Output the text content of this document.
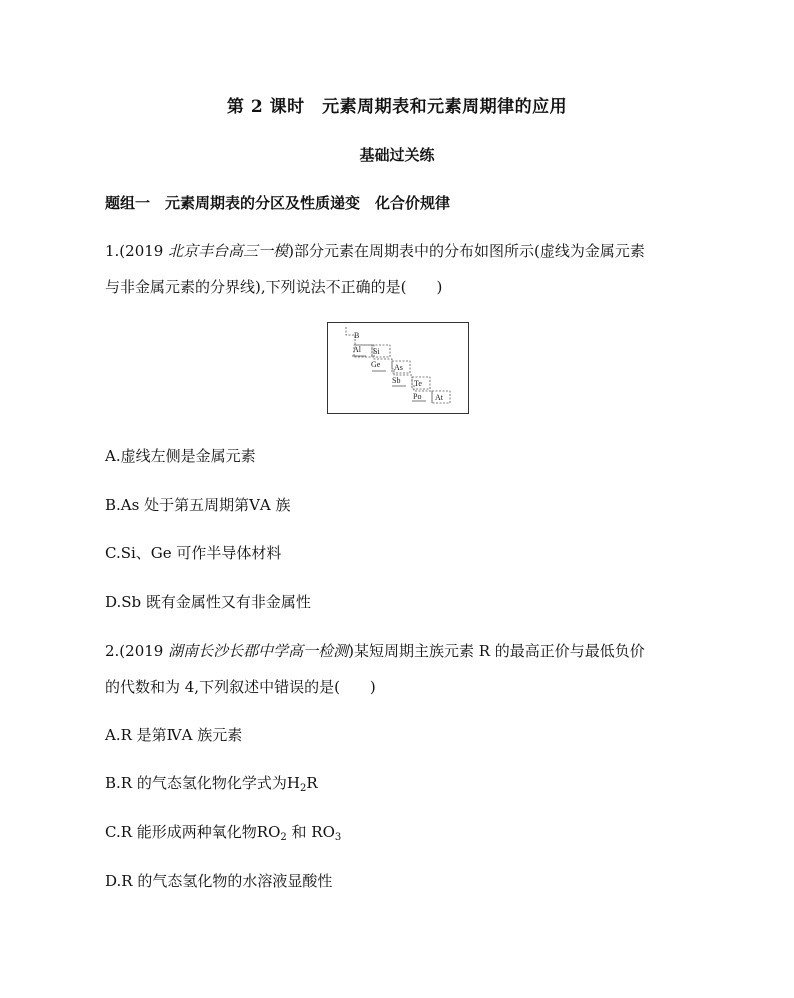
第 2 课时　元素周期表和元素周期律的应用
基础过关练
题组一　元素周期表的分区及性质递变　化合价规律
1.(2019 北京丰台高三一模)部分元素在周期表中的分布如图所示(虚线为金属元素
与非金属元素的分界线),下列说法不正确的是(　　)
B
Al Si
Ge As
Sb Te
Po At
A.虚线左侧是金属元素
B.As 处于第五周期第ⅤA 族
C.Si、Ge 可作半导体材料
D.Sb 既有金属性又有非金属性
2.(2019 湖南长沙长郡中学高一检测)某短周期主族元素 R 的最高正价与最低负价
的代数和为 4,下列叙述中错误的是(　　)
A.R 是第ⅣA 族元素
B.R 的气态氢化物化学式为$H_2R$
C.R 能形成两种氧化物$RO_2$ 和 $RO_3$
D.R 的气态氢化物的水溶液显酸性
